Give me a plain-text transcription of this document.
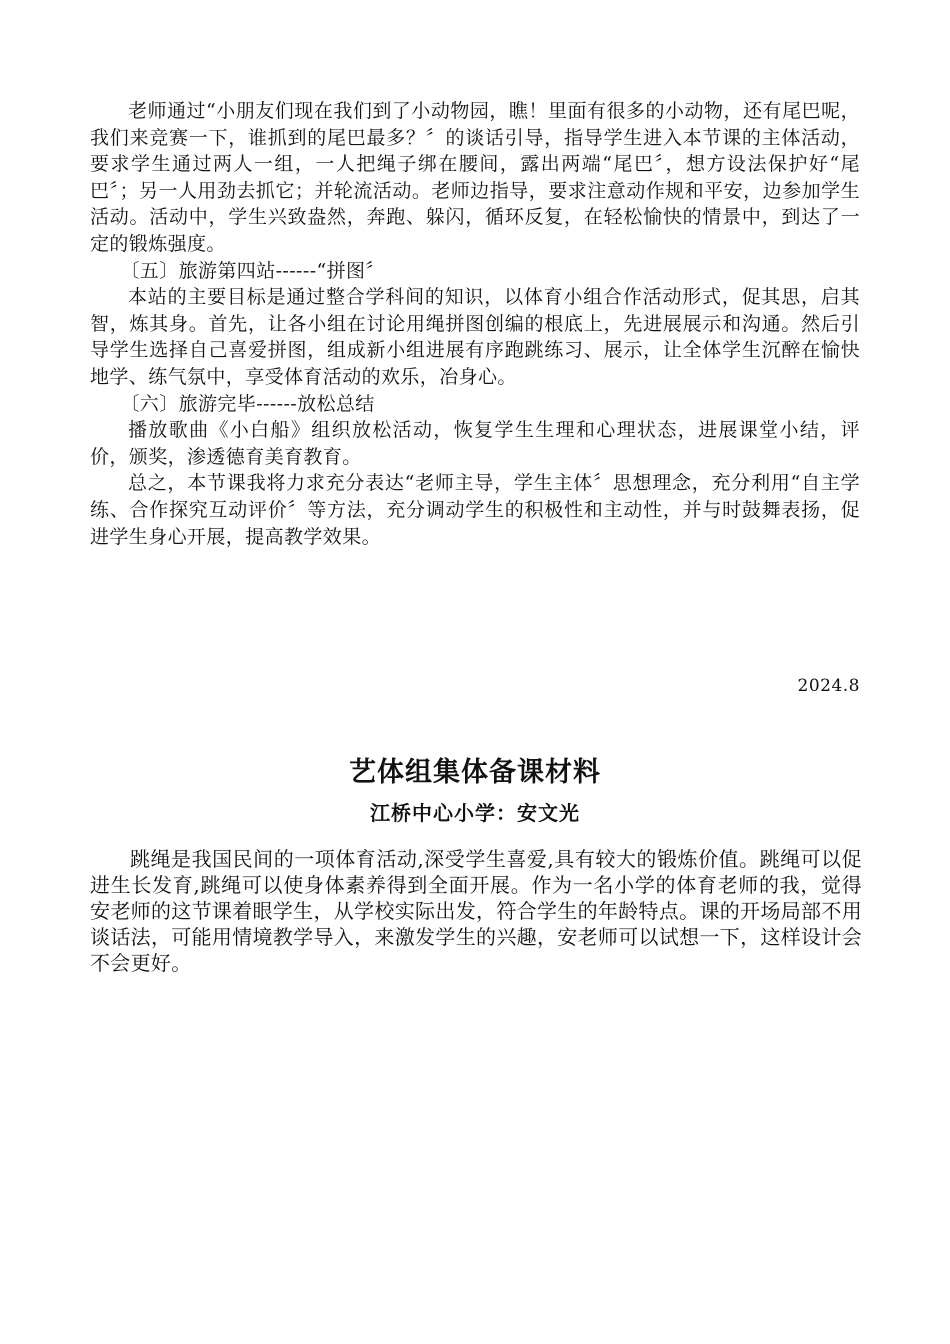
老师通过“小朋友们现在我们到了小动物园，瞧！里面有很多的小动物，还有尾巴呢，我们来竞赛一下，谁抓到的尾巴最多？〞的谈话引导，指导学生进入本节课的主体活动，要求学生通过两人一组，一人把绳子绑在腰间，露出两端“尾巴〞，想方设法保护好“尾巴〞；另一人用劲去抓它；并轮流活动。老师边指导，要求注意动作规和平安，边参加学生活动。活动中，学生兴致盎然，奔跑、躲闪，循环反复，在轻松愉快的情景中，到达了一定的锻炼强度。

〔五〕旅游第四站------“拼图〞

本站的主要目标是通过整合学科间的知识，以体育小组合作活动形式，促其思，启其智，炼其身。首先，让各小组在讨论用绳拼图创编的根底上，先进展展示和沟通。然后引导学生选择自己喜爱拼图，组成新小组进展有序跑跳练习、展示，让全体学生沉醉在愉快地学、练气氛中，享受体育活动的欢乐，冶身心。

〔六〕旅游完毕------放松总结

播放歌曲《小白船》组织放松活动，恢复学生生理和心理状态，进展课堂小结，评价，颁奖，渗透德育美育教育。

总之，本节课我将力求充分表达“老师主导，学生主体〞思想理念，充分利用“自主学练、合作探究互动评价〞等方法，充分调动学生的积极性和主动性，并与时鼓舞表扬，促进学生身心开展，提高教学效果。

2024.8
艺体组集体备课材料
江桥中心小学：安文光

跳绳是我国民间的一项体育活动,深受学生喜爱,具有较大的锻炼价值。跳绳可以促进生长发育,跳绳可以使身体素养得到全面开展。作为一名小学的体育老师的我，觉得安老师的这节课着眼学生，从学校实际出发，符合学生的年龄特点。课的开场局部不用谈话法，可能用情境教学导入，来激发学生的兴趣，安老师可以试想一下，这样设计会不会更好。
